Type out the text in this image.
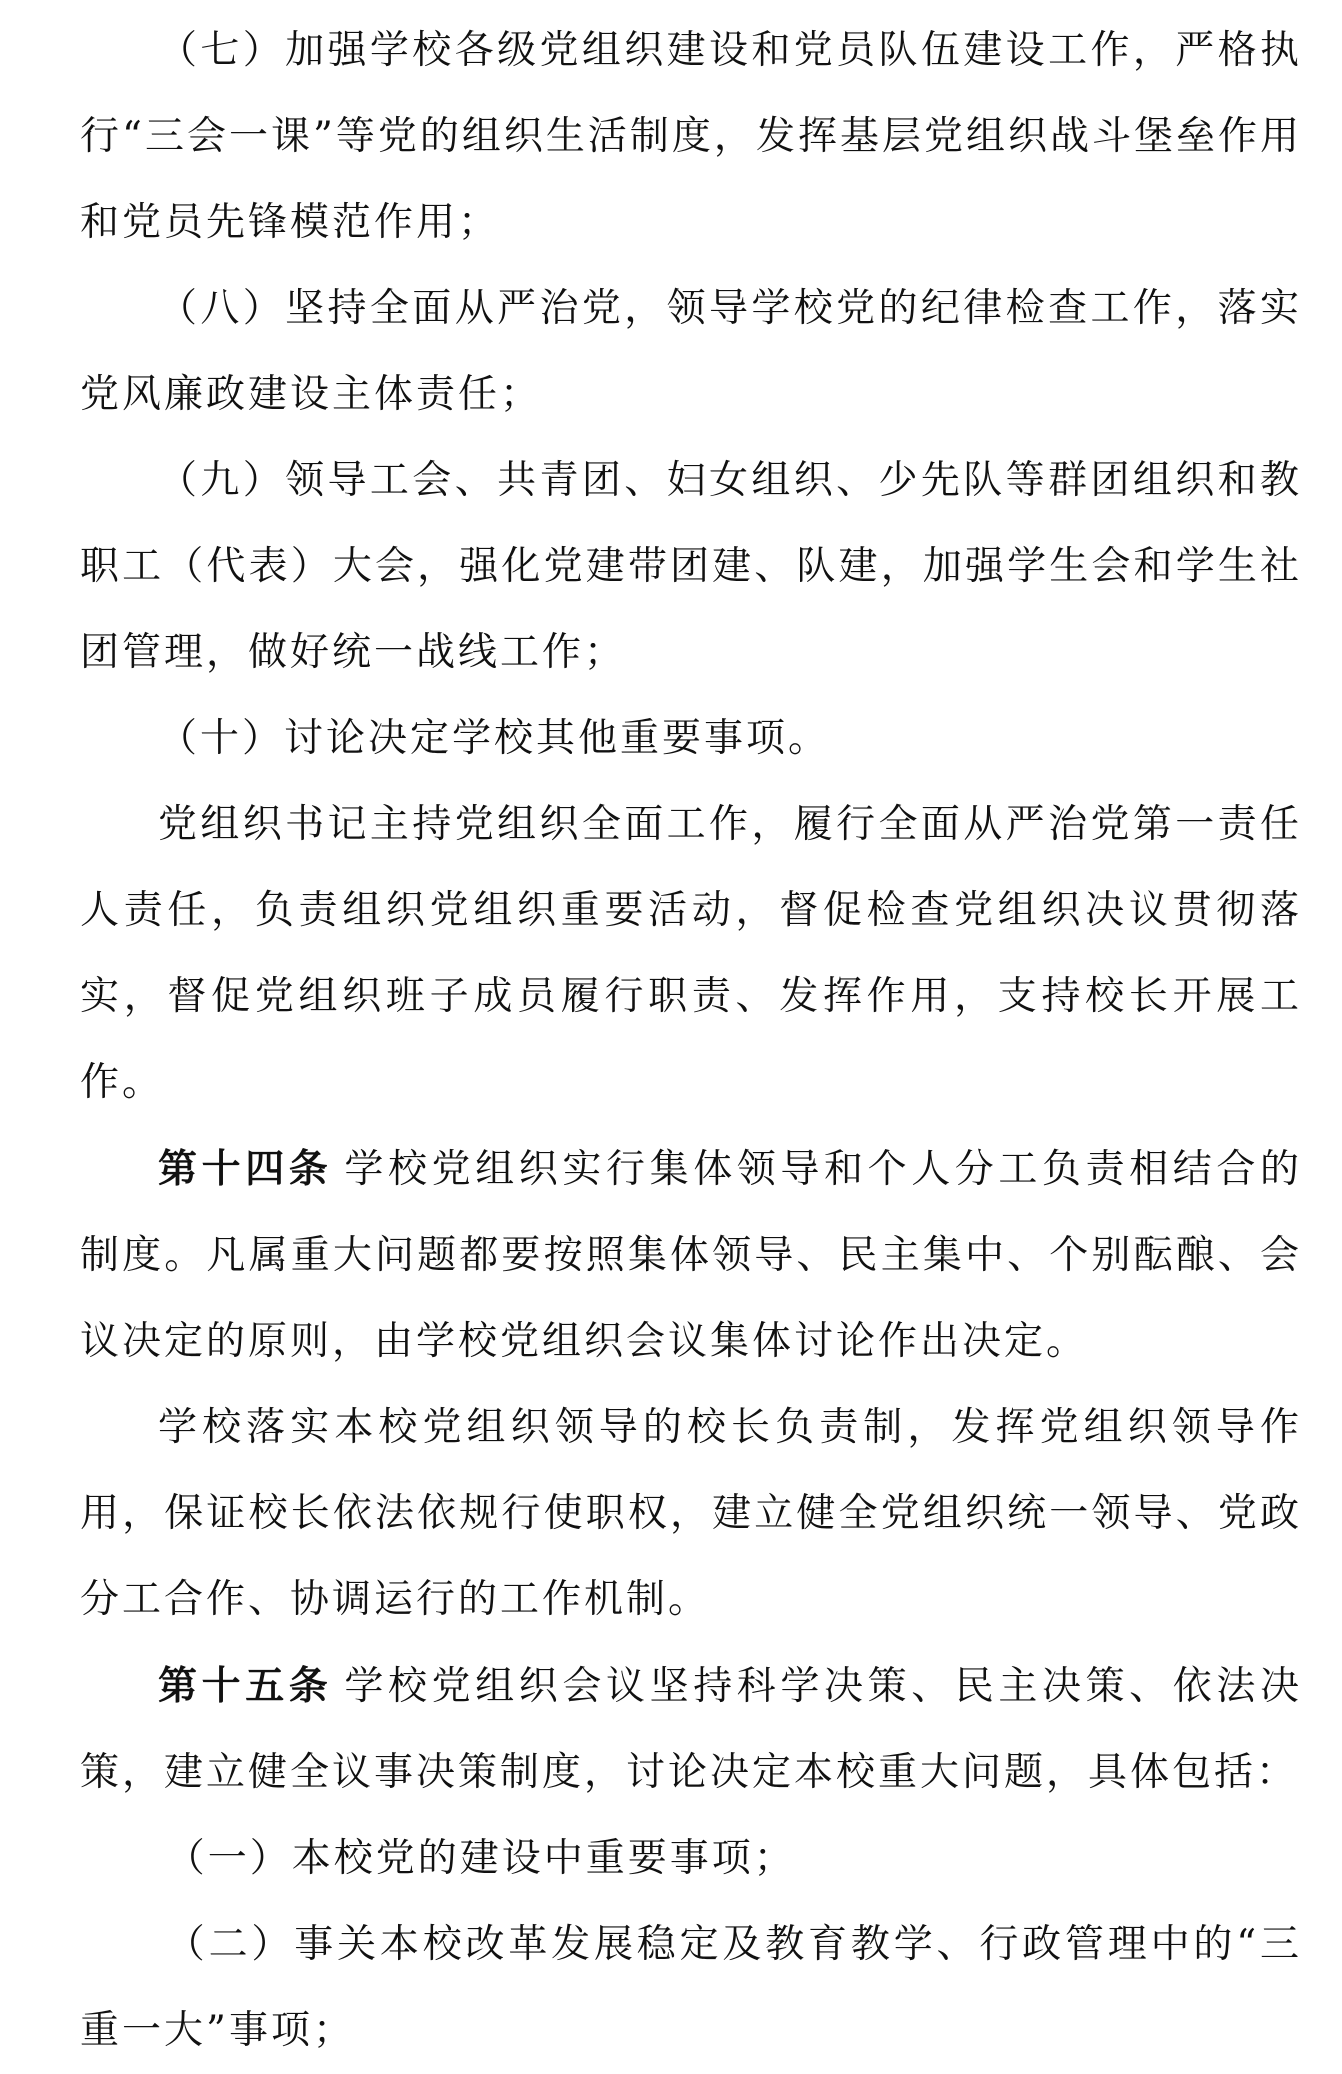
（七）加强学校各级党组织建设和党员队伍建设工作，严格执行“三会一课”等党的组织生活制度，发挥基层党组织战斗堡垒作用和党员先锋模范作用；

（八）坚持全面从严治党，领导学校党的纪律检查工作，落实党风廉政建设主体责任；

（九）领导工会、共青团、妇女组织、少先队等群团组织和教职工（代表）大会，强化党建带团建、队建，加强学生会和学生社团管理，做好统一战线工作；

（十）讨论决定学校其他重要事项。

党组织书记主持党组织全面工作，履行全面从严治党第一责任人责任，负责组织党组织重要活动，督促检查党组织决议贯彻落实，督促党组织班子成员履行职责、发挥作用，支持校长开展工作。

第十四条 学校党组织实行集体领导和个人分工负责相结合的制度。凡属重大问题都要按照集体领导、民主集中、个别酝酿、会议决定的原则，由学校党组织会议集体讨论作出决定。

学校落实本校党组织领导的校长负责制，发挥党组织领导作用，保证校长依法依规行使职权，建立健全党组织统一领导、党政分工合作、协调运行的工作机制。

第十五条 学校党组织会议坚持科学决策、民主决策、依法决策，建立健全议事决策制度，讨论决定本校重大问题，具体包括：

（一）本校党的建设中重要事项；

（二）事关本校改革发展稳定及教育教学、行政管理中的“三重一大”事项；
